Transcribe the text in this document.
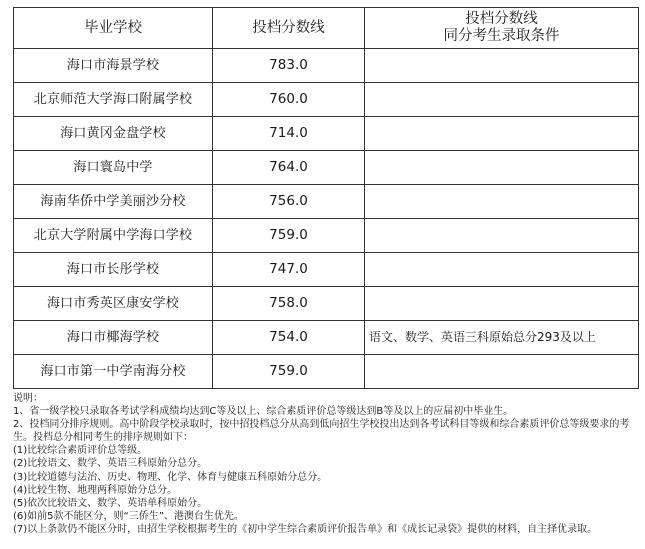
毕业学校	投档分数线	投档分数线
同分考生录取条件

海口市海景学校	783.0	
北京师范大学海口附属学校	760.0	
海口黄冈金盘学校	714.0	
海口寰岛中学	764.0	
海南华侨中学美丽沙分校	756.0	
北京大学附属中学海口学校	759.0	
海口市长彤学校	747.0	
海口市秀英区康安学校	758.0	
海口市椰海学校	754.0	语文、数学、英语三科原始总分293及以上
海口市第一中学南海分校	759.0	

说明：

1、省一级学校只录取各考试学科成绩均达到C等及以上、综合素质评价总等级达到B等及以上的应届初中毕业生。

2、投档同分排序规则。高中阶段学校录取时，按中招投档总分从高到低向招生学校投出达到各考试科目等级和综合素质评价总等级要求的考生。投档总分相同考生的排序规则如下：

(1)比较综合素质评价总等级。

(2)比较语文、数学、英语三科原始分总分。

(3)比较道德与法治、历史、物理、化学、体育与健康五科原始分总分。

(4)比较生物、地理两科原始分总分。

(5)依次比较语文、数学、英语单科原始分。

(6)如前5款不能区分，则“三侨生”、港澳台生优先。

(7)以上条款仍不能区分时，由招生学校根据考生的《初中学生综合素质评价报告单》和《成长记录袋》提供的材料，自主择优录取。
